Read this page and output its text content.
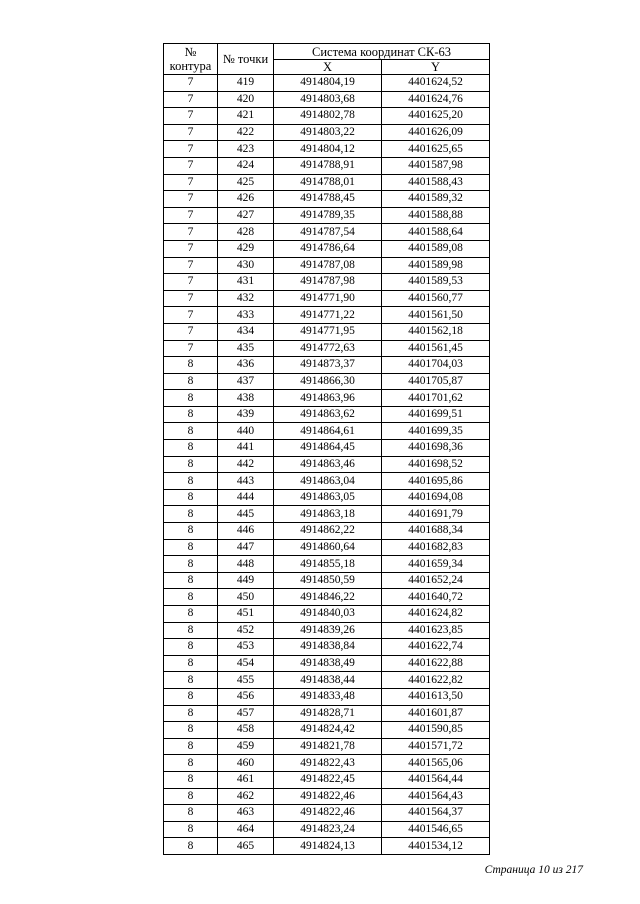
№
контура	№ точки	Система координат СК-63	
		X	Y
7	419	4914804,19	4401624,52
7	420	4914803,68	4401624,76
7	421	4914802,78	4401625,20
7	422	4914803,22	4401626,09
7	423	4914804,12	4401625,65
7	424	4914788,91	4401587,98
7	425	4914788,01	4401588,43
7	426	4914788,45	4401589,32
7	427	4914789,35	4401588,88
7	428	4914787,54	4401588,64
7	429	4914786,64	4401589,08
7	430	4914787,08	4401589,98
7	431	4914787,98	4401589,53
7	432	4914771,90	4401560,77
7	433	4914771,22	4401561,50
7	434	4914771,95	4401562,18
7	435	4914772,63	4401561,45
8	436	4914873,37	4401704,03
8	437	4914866,30	4401705,87
8	438	4914863,96	4401701,62
8	439	4914863,62	4401699,51
8	440	4914864,61	4401699,35
8	441	4914864,45	4401698,36
8	442	4914863,46	4401698,52
8	443	4914863,04	4401695,86
8	444	4914863,05	4401694,08
8	445	4914863,18	4401691,79
8	446	4914862,22	4401688,34
8	447	4914860,64	4401682,83
8	448	4914855,18	4401659,34
8	449	4914850,59	4401652,24
8	450	4914846,22	4401640,72
8	451	4914840,03	4401624,82
8	452	4914839,26	4401623,85
8	453	4914838,84	4401622,74
8	454	4914838,49	4401622,88
8	455	4914838,44	4401622,82
8	456	4914833,48	4401613,50
8	457	4914828,71	4401601,87
8	458	4914824,42	4401590,85
8	459	4914821,78	4401571,72
8	460	4914822,43	4401565,06
8	461	4914822,45	4401564,44
8	462	4914822,46	4401564,43
8	463	4914822,46	4401564,37
8	464	4914823,24	4401546,65
8	465	4914824,13	4401534,12
Страница 10 из 217
